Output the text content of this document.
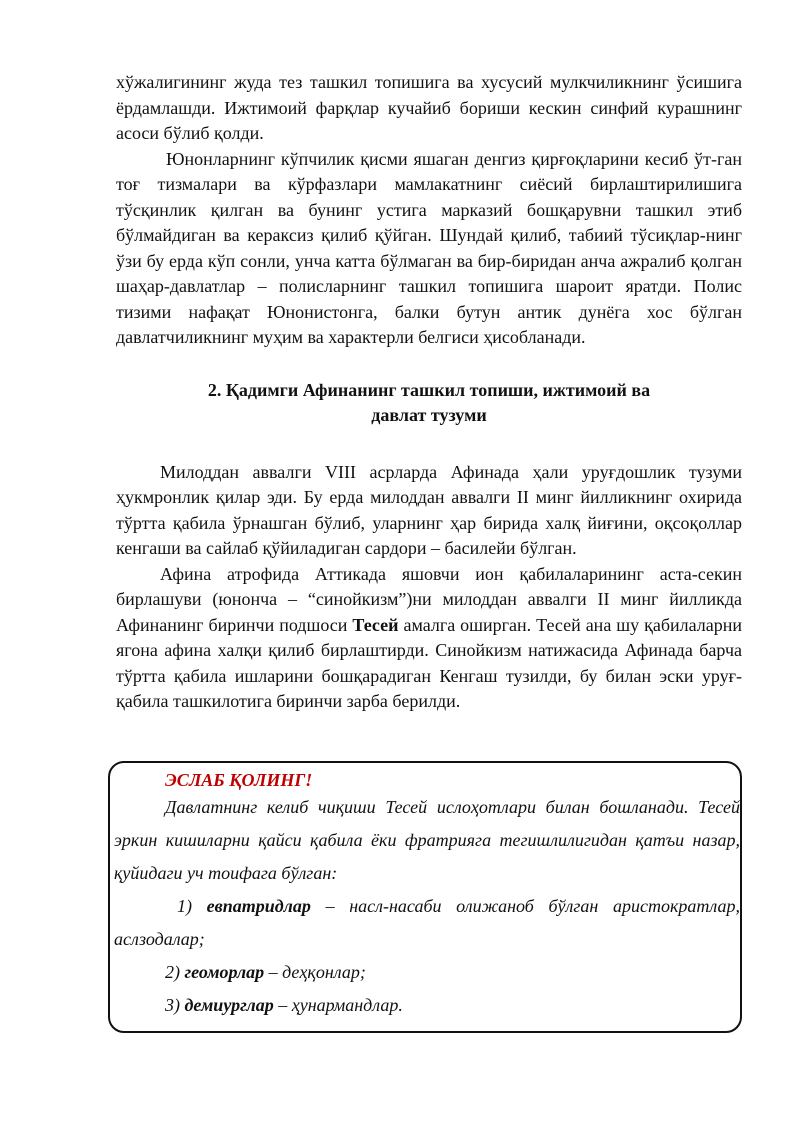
хўжалигининг жуда тез ташкил топишига ва хусусий мулкчиликнинг ўсишига ёрдамлашди. Ижтимоий фарқлар кучайиб бориши кескин синфий курашнинг асоси бўлиб қолди.

Юнонларнинг кўпчилик қисми яшаган денгиз қирғоқларини кесиб ўт-ган тоғ тизмалари ва кўрфазлари мамлакатнинг сиёсий бирлаштирилишига тўсқинлик қилган ва бунинг устига марказий бошқарувни ташкил этиб бўлмайдиган ва кераксиз қилиб қўйган. Шундай қилиб, табиий тўсиқлар-нинг ўзи бу ерда кўп сонли, унча катта бўлмаган ва бир-биридан анча ажралиб қолган шаҳар-давлатлар – полисларнинг ташкил топишига шароит яратди. Полис тизими нафақат Юнонистонга, балки бутун антик дунёга хос бўлган давлатчиликнинг муҳим ва характерли белгиси ҳисобланади.

2. Қадимги Афинанинг ташкил топиши, ижтимоий ва
давлат тузуми

Милоддан аввалги VIII асрларда Афинада ҳали уруғдошлик тузуми ҳукмронлик қилар эди. Бу ерда милоддан аввалги II минг йилликнинг охирида тўртта қабила ўрнашган бўлиб, уларнинг ҳар бирида халқ йиғини, оқсоқоллар кенгаши ва сайлаб қўйиладиган сардори – басилейи бўлган.

Афина атрофида Аттикада яшовчи ион қабилаларининг аста-секин бирлашуви (юнонча – “синойкизм”)ни милоддан аввалги II минг йилликда Афинанинг биринчи подшоси Тесей амалга оширган. Тесей ана шу қабилаларни ягона афина халқи қилиб бирлаштирди. Синойкизм натижасида Афинада барча тўртта қабила ишларини бошқарадиган Кенгаш тузилди, бу билан эски уруғ-қабила ташкилотига биринчи зарба берилди.

ЭСЛАБ ҚОЛИНГ!

Давлатнинг келиб чиқиши Тесей ислоҳотлари билан бошланади. Тесей эркин кишиларни қайси қабила ёки фратрияга тегишлилигидан қатъи назар, қуйидаги уч тоифага бўлган:

1) евпатридлар – насл-насаби олижаноб бўлган аристократлар, аслзодалар;

2) геоморлар – деҳқонлар;

3) демиурглар – ҳунармандлар.
